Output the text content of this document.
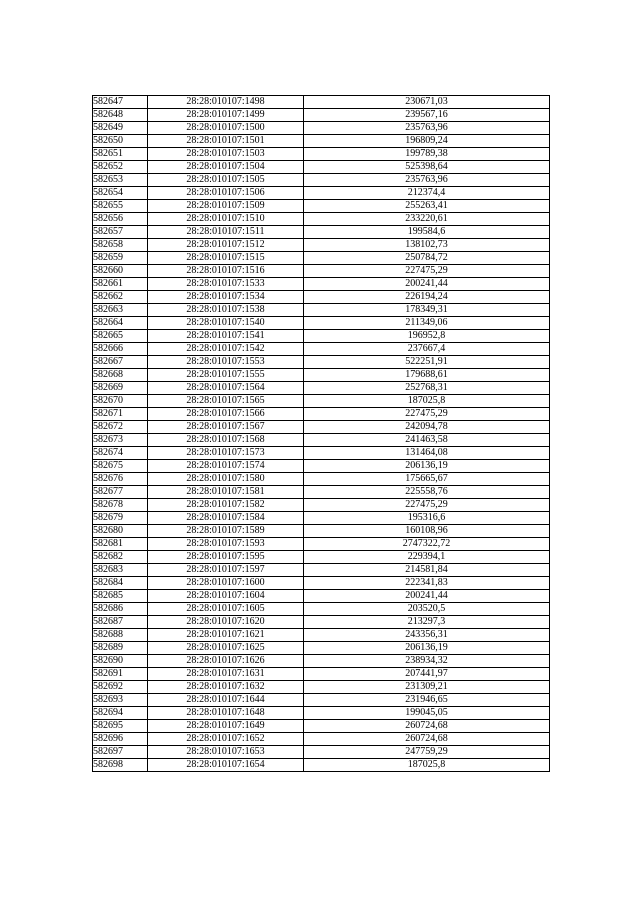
582647	28:28:010107:1498	230671,03
582648	28:28:010107:1499	239567,16
582649	28:28:010107:1500	235763,96
582650	28:28:010107:1501	196809,24
582651	28:28:010107:1503	199789,38
582652	28:28:010107:1504	525398,64
582653	28:28:010107:1505	235763,96
582654	28:28:010107:1506	212374,4
582655	28:28:010107:1509	255263,41
582656	28:28:010107:1510	233220,61
582657	28:28:010107:1511	199584,6
582658	28:28:010107:1512	138102,73
582659	28:28:010107:1515	250784,72
582660	28:28:010107:1516	227475,29
582661	28:28:010107:1533	200241,44
582662	28:28:010107:1534	226194,24
582663	28:28:010107:1538	178349,31
582664	28:28:010107:1540	211349,06
582665	28:28:010107:1541	196952,8
582666	28:28:010107:1542	237667,4
582667	28:28:010107:1553	522251,91
582668	28:28:010107:1555	179688,61
582669	28:28:010107:1564	252768,31
582670	28:28:010107:1565	187025,8
582671	28:28:010107:1566	227475,29
582672	28:28:010107:1567	242094,78
582673	28:28:010107:1568	241463,58
582674	28:28:010107:1573	131464,08
582675	28:28:010107:1574	206136,19
582676	28:28:010107:1580	175665,67
582677	28:28:010107:1581	225558,76
582678	28:28:010107:1582	227475,29
582679	28:28:010107:1584	195316,6
582680	28:28:010107:1589	160108,96
582681	28:28:010107:1593	2747322,72
582682	28:28:010107:1595	229394,1
582683	28:28:010107:1597	214581,84
582684	28:28:010107:1600	222341,83
582685	28:28:010107:1604	200241,44
582686	28:28:010107:1605	203520,5
582687	28:28:010107:1620	213297,3
582688	28:28:010107:1621	243356,31
582689	28:28:010107:1625	206136,19
582690	28:28:010107:1626	238934,32
582691	28:28:010107:1631	207441,97
582692	28:28:010107:1632	231309,21
582693	28:28:010107:1644	231946,65
582694	28:28:010107:1648	199045,05
582695	28:28:010107:1649	260724,68
582696	28:28:010107:1652	260724,68
582697	28:28:010107:1653	247759,29
582698	28:28:010107:1654	187025,8
